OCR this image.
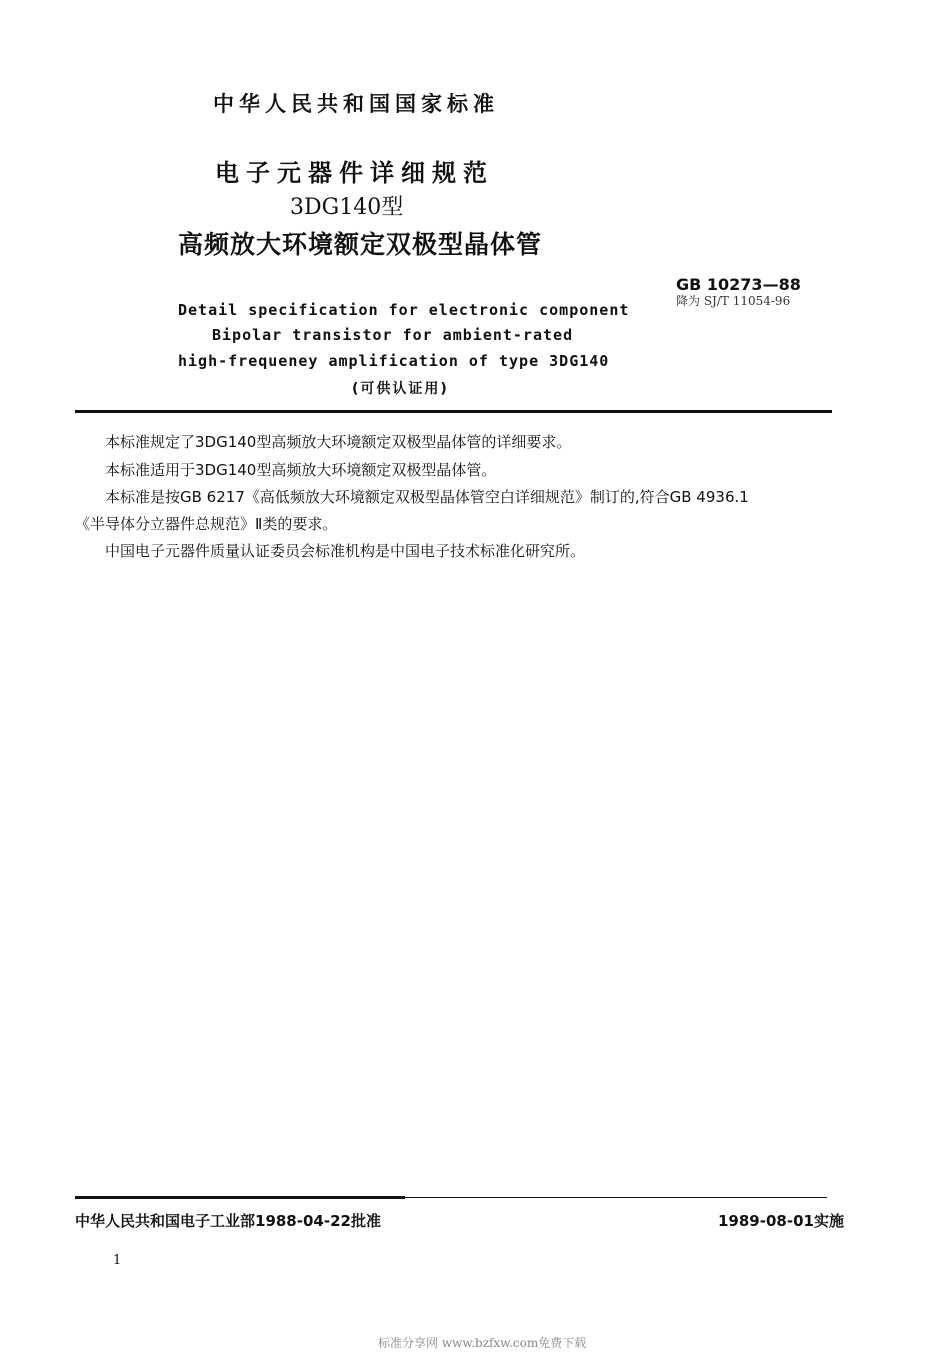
中华人民共和国国家标准
电子元器件详细规范
3DG140型
高频放大环境额定双极型晶体管
GB 10273—88
降为 SJ/T 11054-96
Detail specification for electronic component
Bipolar transistor for ambient-rated
high-frequeney amplification of type 3DG140
(可供认证用)
本标准规定了3DG140型高频放大环境额定双极型晶体管的详细要求。
本标准适用于3DG140型高频放大环境额定双极型晶体管。
本标准是按GB 6217《高低频放大环境额定双极型晶体管空白详细规范》制订的,符合GB 4936.1
《半导体分立器件总规范》Ⅱ类的要求。
中国电子元器件质量认证委员会标准机构是中国电子技术标准化研究所。
中华人民共和国电子工业部1988-04-22批准	1989-08-01实施
1
标准分享网 www.bzfxw.com免费下载
